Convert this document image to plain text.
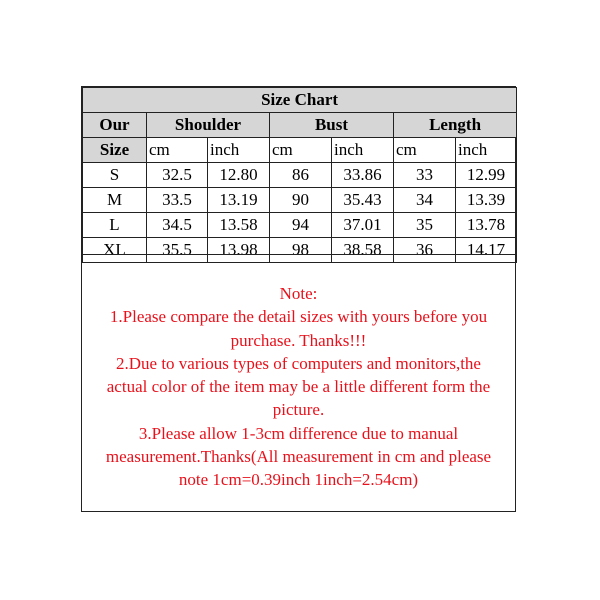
Size Chart						
Our	Shoulder		Bust		Length	
Size	cm	inch	cm	inch	cm	inch
S	32.5	12.80	86	33.86	33	12.99
M	33.5	13.19	90	35.43	34	13.39
L	34.5	13.58	94	37.01	35	13.78
XL	35.5	13.98	98	38.58	36	14.17

Note:

1.Please compare the detail sizes with yours before you purchase. Thanks!!!

2.Due to various types of computers and monitors,the actual color of the item may be a little different form the picture.

3.Please allow 1-3cm difference due to manual measurement.Thanks(All measurement in cm and please note 1cm=0.39inch 1inch=2.54cm)
